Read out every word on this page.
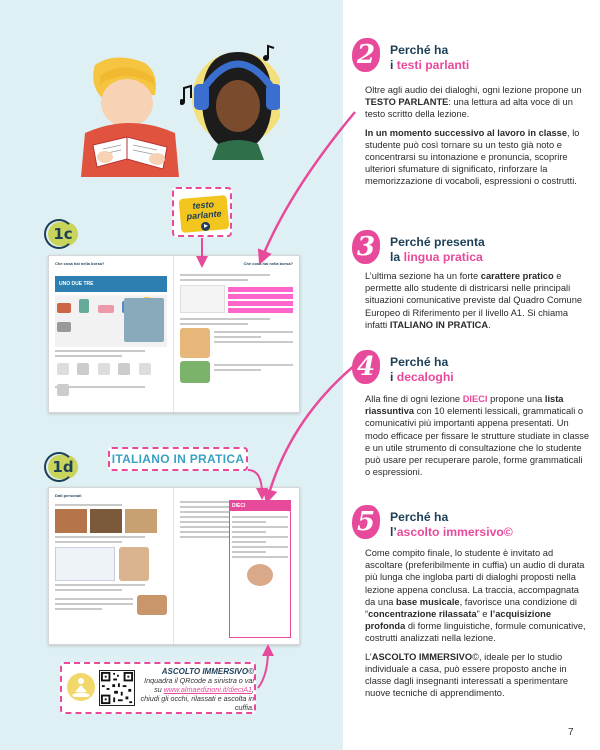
1c
Che cosa hai nella borsa?
UNO DUE TRE

Che cosa hai nella borsa?
testo parlante
1d	ITALIANO IN PRATICA
Dati personali
DIECI
ASCOLTO IMMERSIVO©
Inquadra il QRcode a sinistra o vai su www.almaedizioni.it/dieciA1, chiudi gli occhi, rilassati e ascolta in cuffia.
2	Perché ha
i testi parlanti

Oltre agli audio dei dialoghi, ogni lezione propone un TESTO PARLANTE: una lettura ad alta voce di un testo scritto della lezione.

In un momento successivo al lavoro in classe, lo studente può così tornare su un testo già noto e concentrarsi su intonazione e pronuncia, scoprire ulteriori sfumature di significato, rinforzare la memorizzazione di vocaboli, espressioni o costrutti.

3	Perché presenta
la lingua pratica

L’ultima sezione ha un forte carattere pratico e permette allo studente di districarsi nelle principali situazioni comunicative previste dal Quadro Comune Europeo di Riferimento per il livello A1. Si chiama infatti ITALIANO IN PRATICA.

4	Perché ha
i decaloghi

Alla fine di ogni lezione DIECI propone una lista riassuntiva con 10 elementi lessicali, grammaticali o comunicativi più importanti appena presentati. Un modo efficace per fissare le strutture studiate in classe e un utile strumento di consultazione che lo studente può usare per recuperare parole, forme grammaticali o espressioni.

5	Perché ha
l’ascolto immersivo©

Come compito finale, lo studente è invitato ad ascoltare (preferibilmente in cuffia) un audio di durata più lunga che ingloba parti di dialoghi proposti nella lezione appena conclusa. La traccia, accompagnata da una base musicale, favorisce una condizione di “concentrazione rilassata” e l’acquisizione profonda di forme linguistiche, formule comunicative, costrutti analizzati nella lezione.

L’ASCOLTO IMMERSIVO©, ideale per lo studio individuale a casa, può essere proposto anche in classe dagli insegnanti interessati a sperimentare nuove tecniche di apprendimento.

7
